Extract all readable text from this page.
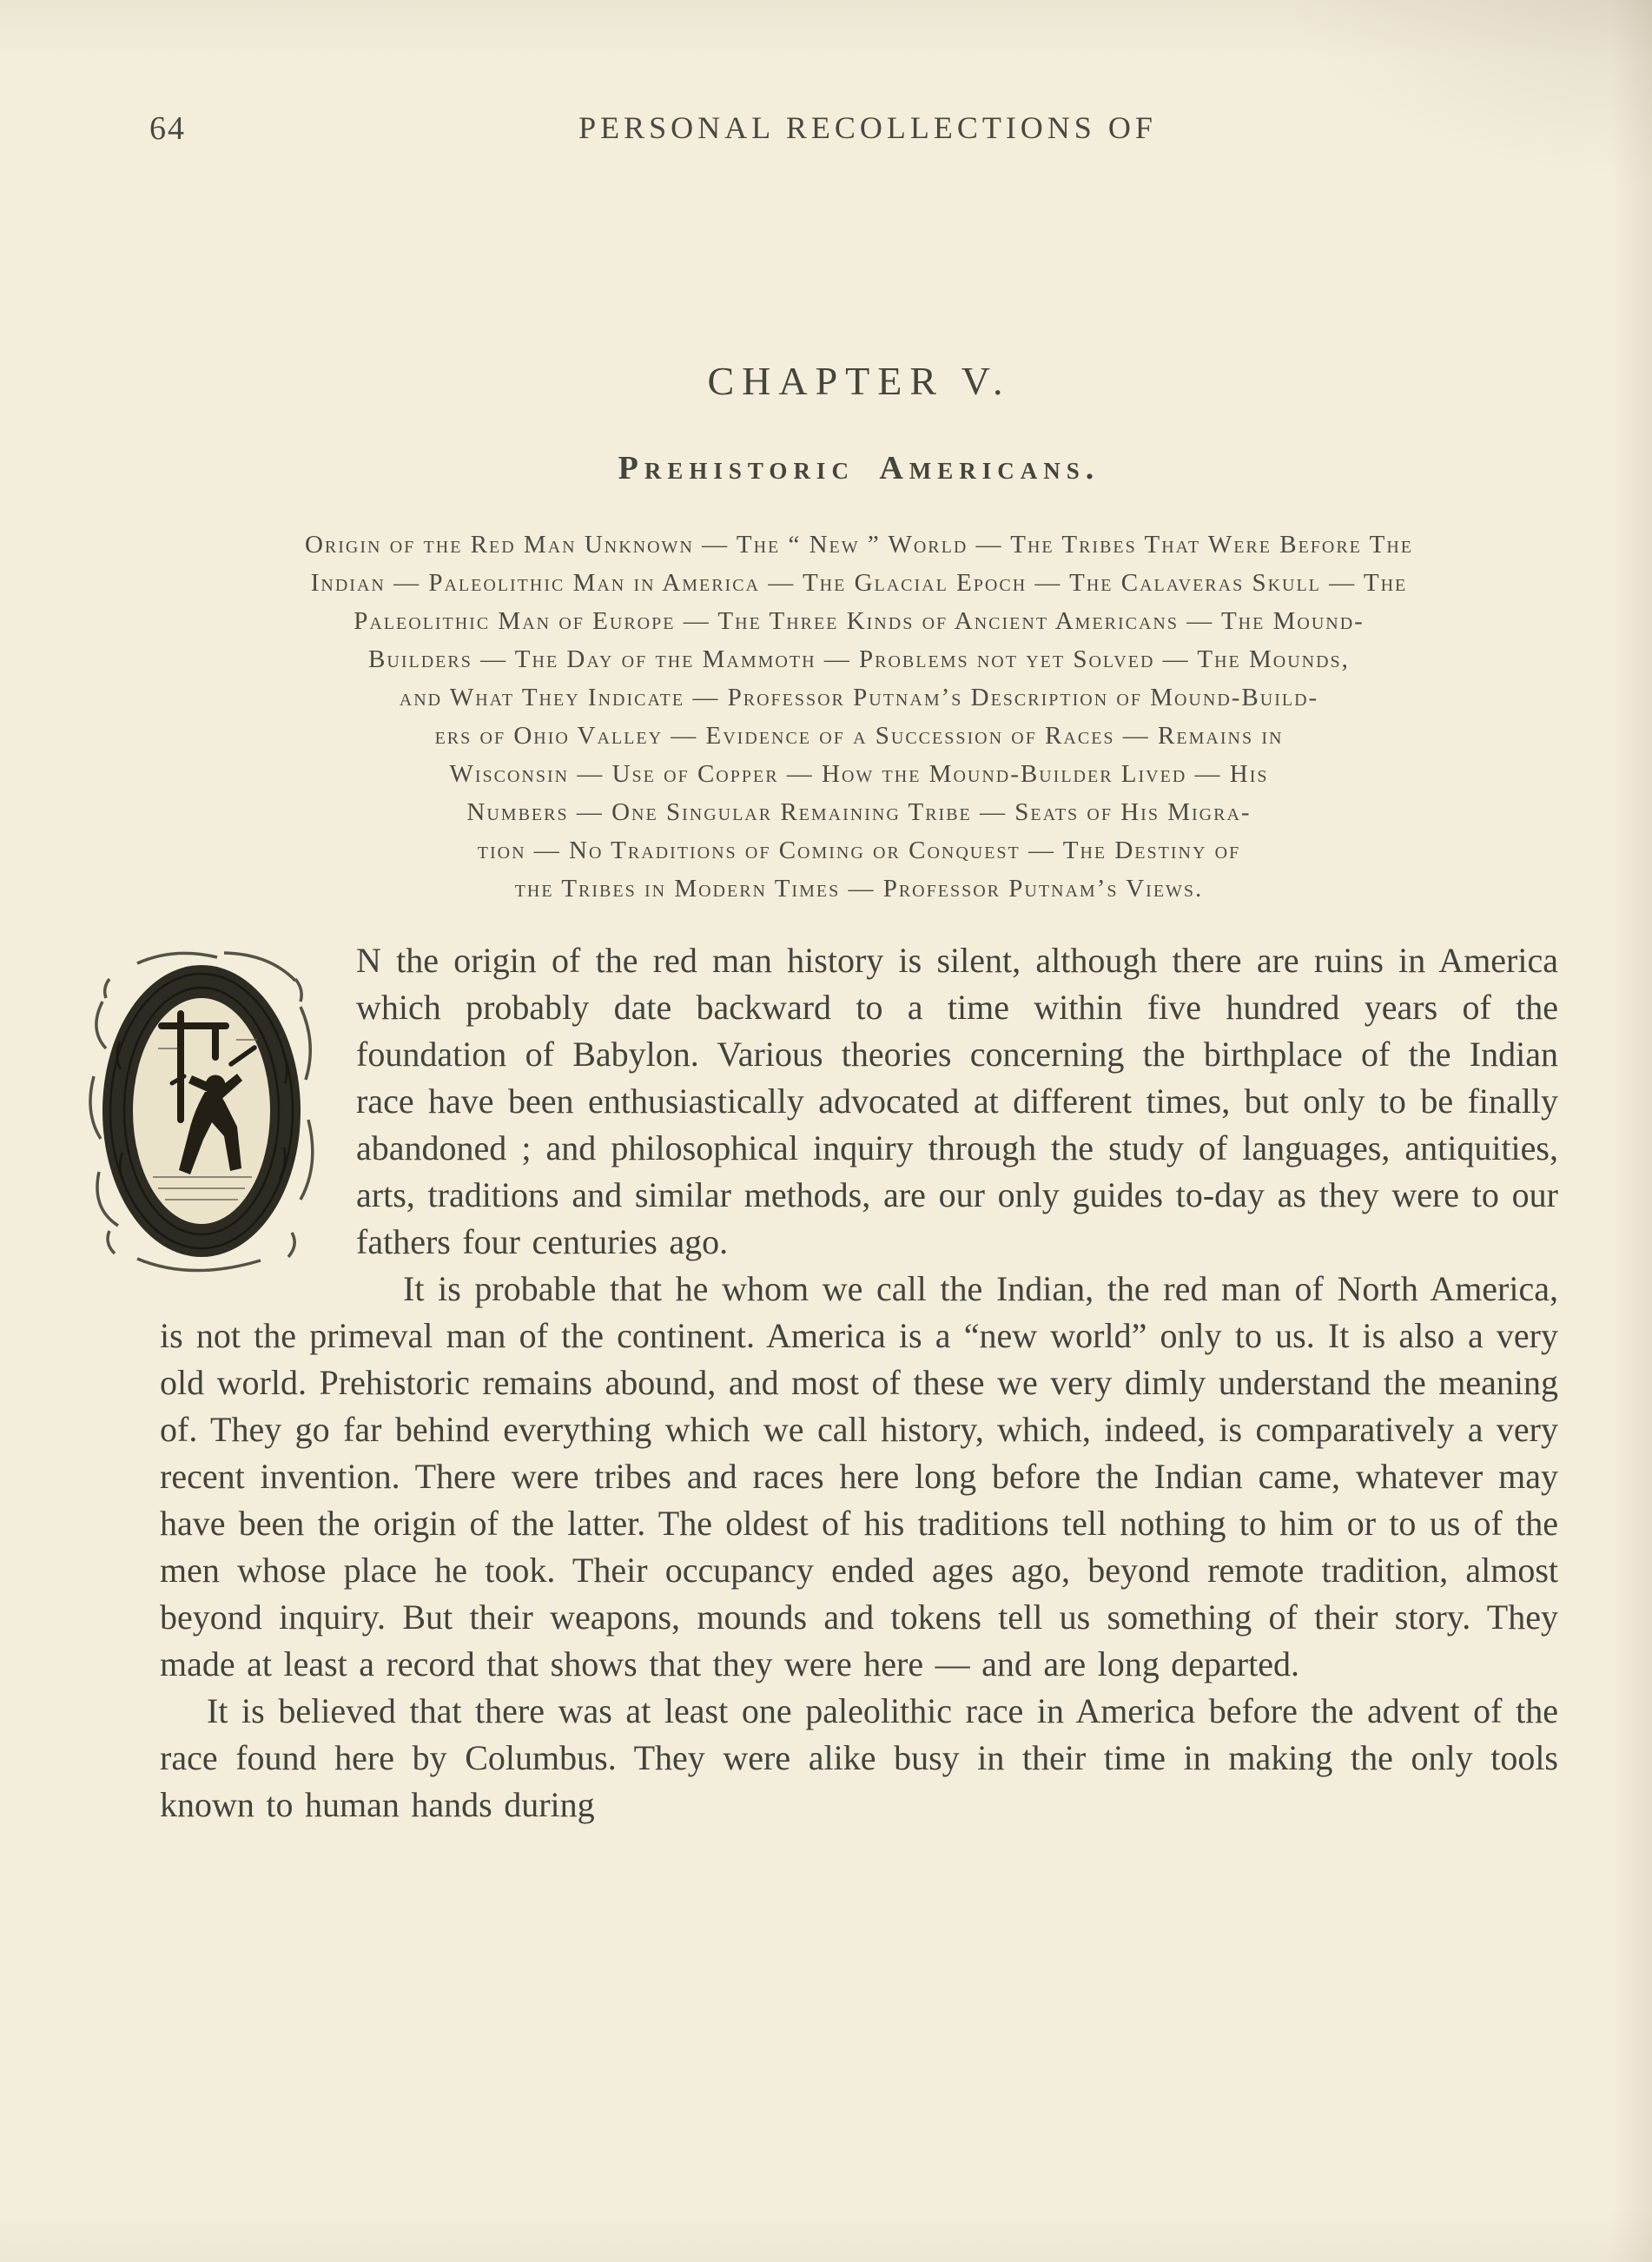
64	PERSONAL RECOLLECTIONS OF
CHAPTER V.
Prehistoric Americans.
Origin of the Red Man Unknown — The “ New ” World — The Tribes That Were Before The
Indian — Paleolithic Man in America — The Glacial Epoch — The Calaveras Skull — The
Paleolithic Man of Europe — The Three Kinds of Ancient Americans — The Mound-
Builders — The Day of the Mammoth — Problems not yet Solved — The Mounds,
and What They Indicate — Professor Putnam’s Description of Mound-Build-
ers of Ohio Valley — Evidence of a Succession of Races — Remains in
Wisconsin — Use of Copper — How the Mound-Builder Lived — His
Numbers — One Singular Remaining Tribe — Seats of His Migra-
tion — No Traditions of Coming or Conquest — The Destiny of
the Tribes in Modern Times — Professor Putnam’s Views.

N the origin of the red man history is silent, although there are ruins in America which probably date backward to a time within five hundred years of the foundation of Babylon. Various theories concerning the birthplace of the Indian race have been enthusiastically advocated at different times, but only to be finally abandoned ; and philosophical inquiry through the study of languages, antiquities, arts, traditions and similar methods, are our only guides to-day as they were to our fathers four centuries ago.

It is probable that he whom we call the Indian, the red man of North America, is not the primeval man of the continent. America is a “new world” only to us. It is also a very old world. Prehistoric remains abound, and most of these we very dimly understand the meaning of. They go far behind everything which we call history, which, indeed, is comparatively a very recent invention. There were tribes and races here long before the Indian came, whatever may have been the origin of the latter. The oldest of his traditions tell nothing to him or to us of the men whose place he took. Their occupancy ended ages ago, beyond remote tradition, almost beyond inquiry. But their weapons, mounds and tokens tell us something of their story. They made at least a record that shows that they were here — and are long departed.
It is believed that there was at least one paleolithic race in America before the advent of the race found here by Columbus. They were alike busy in their time in making the only tools known to human hands during
